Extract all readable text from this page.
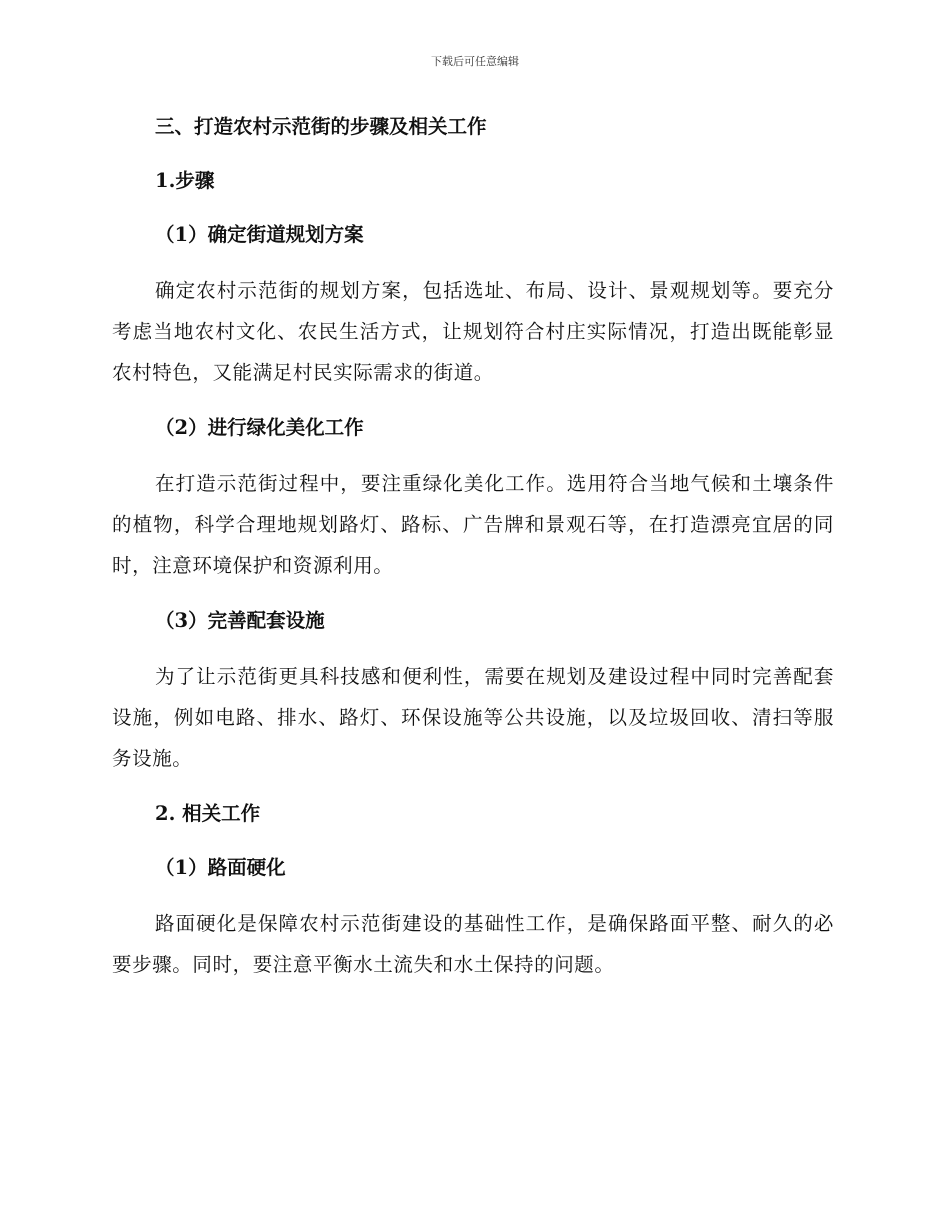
下载后可任意编辑
三、打造农村示范街的步骤及相关工作
1.步骤
（1）确定街道规划方案

确定农村示范街的规划方案，包括选址、布局、设计、景观规划等。要充分考虑当地农村文化、农民生活方式，让规划符合村庄实际情况，打造出既能彰显农村特色，又能满足村民实际需求的街道。

（2）进行绿化美化工作

在打造示范街过程中，要注重绿化美化工作。选用符合当地气候和土壤条件的植物，科学合理地规划路灯、路标、广告牌和景观石等，在打造漂亮宜居的同时，注意环境保护和资源利用。

（3）完善配套设施

为了让示范街更具科技感和便利性，需要在规划及建设过程中同时完善配套设施，例如电路、排水、路灯、环保设施等公共设施，以及垃圾回收、清扫等服务设施。

2. 相关工作
（1）路面硬化

路面硬化是保障农村示范街建设的基础性工作，是确保路面平整、耐久的必要步骤。同时，要注意平衡水土流失和水土保持的问题。
